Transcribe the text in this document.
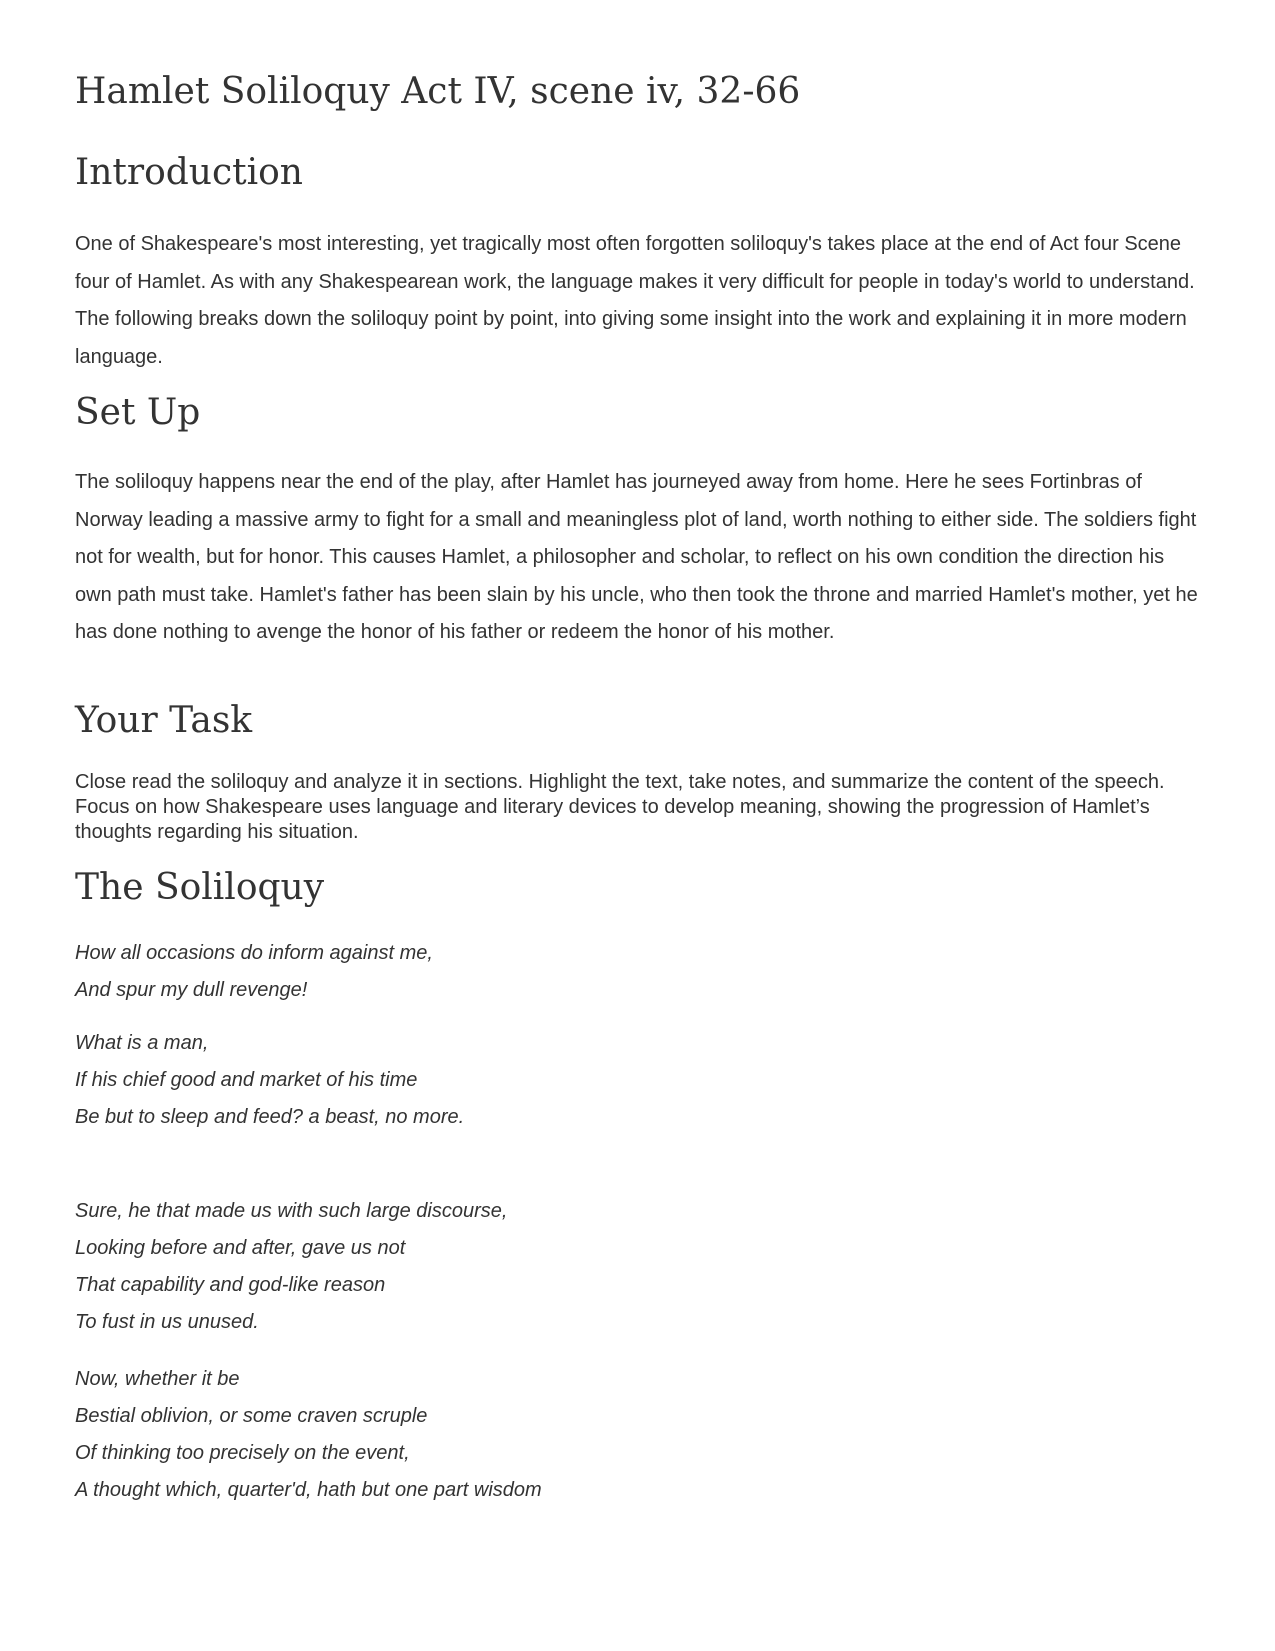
Hamlet Soliloquy Act IV, scene iv, 32-66
Introduction

One of Shakespeare's most interesting, yet tragically most often forgotten soliloquy's takes place at the end of Act four Scene four of Hamlet. As with any Shakespearean work, the language makes it very difficult for people in today's world to understand. The following breaks down the soliloquy point by point, into giving some insight into the work and explaining it in more modern language.

Set Up

The soliloquy happens near the end of the play, after Hamlet has journeyed away from home. Here he sees Fortinbras of Norway leading a massive army to fight for a small and meaningless plot of land, worth nothing to either side. The soldiers fight not for wealth, but for honor. This causes Hamlet, a philosopher and scholar, to reflect on his own condition the direction his own path must take. Hamlet's father has been slain by his uncle, who then took the throne and married Hamlet's mother, yet he has done nothing to avenge the honor of his father or redeem the honor of his mother.

Your Task

Close read the soliloquy and analyze it in sections. Highlight the text, take notes, and summarize the content of the speech. Focus on how Shakespeare uses language and literary devices to develop meaning, showing the progression of Hamlet’s thoughts regarding his situation.

The Soliloquy

How all occasions do inform against me,

And spur my dull revenge!

What is a man,

If his chief good and market of his time

Be but to sleep and feed? a beast, no more.

Sure, he that made us with such large discourse,

Looking before and after, gave us not

That capability and god-like reason

To fust in us unused.

Now, whether it be

Bestial oblivion, or some craven scruple

Of thinking too precisely on the event,

A thought which, quarter'd, hath but one part wisdom
